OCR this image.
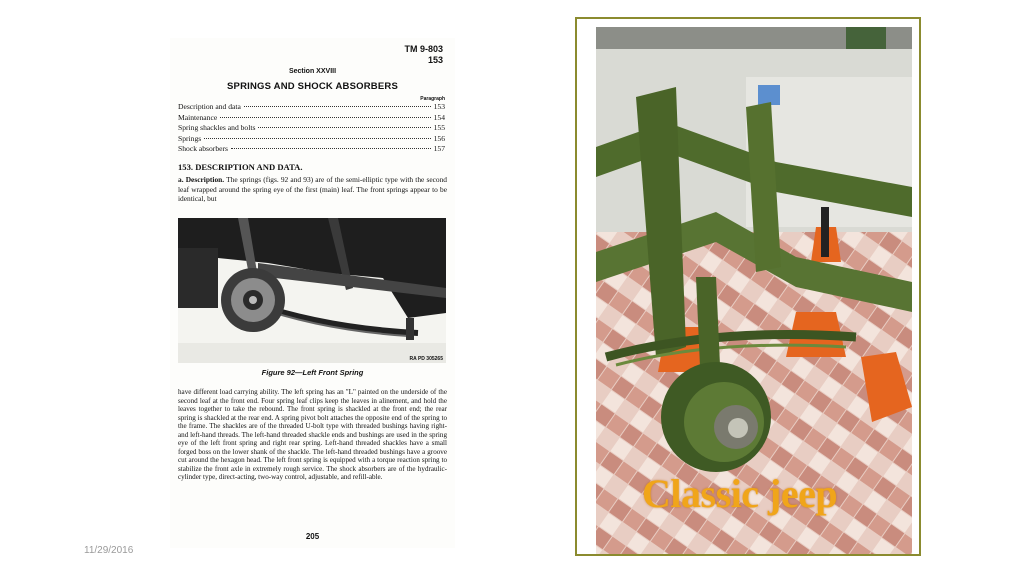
TM 9-803
153
Section XXVIII
SPRINGS AND SHOCK ABSORBERS
Paragraph
Description and data	153
Maintenance	154
Spring shackles and bolts	155
Springs	156
Shock absorbers	157
153. DESCRIPTION AND DATA.
a. Description. The springs (figs. 92 and 93) are of the semi-elliptic type with the second leaf wrapped around the spring eye of the first (main) leaf. The front springs appear to be identical, but
RA PD 305265
Figure 92—Left Front Spring
have different load carrying ability. The left spring has an "L" painted on the underside of the second leaf at the front end. Four spring leaf clips keep the leaves in alinement, and hold the leaves together to take the rebound. The front spring is shackled at the front end; the rear spring is shackled at the rear end. A spring pivot bolt attaches the opposite end of the spring to the frame. The shackles are of the threaded U-bolt type with threaded bushings having right- and left-hand threads. The left-hand threaded shackle ends and bushings are used in the spring eye of the left front spring and right rear spring. Left-hand threaded shackles have a small forged boss on the lower shank of the shackle. The left-hand threaded bushings have a groove cut around the hexagon head. The left front spring is equipped with a torque reaction spring to stabilize the front axle in extremely rough service. The shock absorbers are of the hydraulic-cylinder type, direct-acting, two-way control, adjustable, and refill-able.
205
Classic jeep
11/29/2016
